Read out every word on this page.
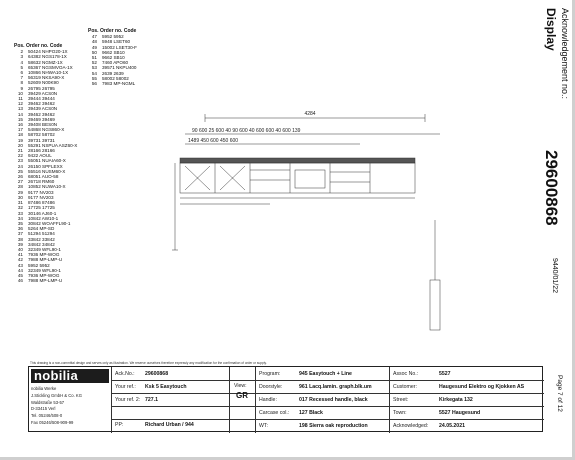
Pos. Order no. Code
2 50424 NHPO20-1X
3 64382 NGS178-1X
4 58632 NGMZ-1X
5 65367 NGSMVOA-1X
6 10866 NHWA10-1X
7 56319 NKSA90-X
8 52609 N00K90
9 26795 26795
10 39429 ACS0N
11 39444 39444
12 39462 39462
13 39439 ACS0N
14 39462 39462
15 39469 39469
16 39408 BES0N
17 54868 NGS860-X
18 58702 58702
19 39731 39731
20 55291 NSPUA ASZ60-X
21 28166 28166
22 9422 AOUL
23 55051 NUAIA60-X
24 26150 SPFLEXX
25 55516 NUSM60-X
26 68051 AUO-58
27 26718 RM60
28 10852 NUWA10-X
29 9177 NV203
30 9177 NV203
31 87486 87486
32 17725 17725
33 30146 AJ60-1
34 10842 AW10-1
35 30842 WOAFFL90-1
36 5264 MP-SD
37 51294 51294
38 33842 33842
39 34842 34842
40 32349 WFL90-1
41 7936 MP-WOG
42 7988 MP-LMP-U
43 5952 5952
44 32349 WFL90-1
45 7936 MP-WOG
46 7988 MP-LMP-U
Pos. Order no. Code
47 5952 5952
48 5948 LSET60
49 15002 LSET30-F
50 9662 SB10
51 9662 SB10
52 7460 APO60
53 39571 NKPU400
54 2639 2639
55 58002 58002
56 7983 MP-NGML
4284
90 600 25 600 40 90 600 40 600 600 40 600 139
1489 450 600 450 600
Acknowledgement no.:
Display
29600868
9440/01/22
Page 7 of 12
This drawing is a non-committal design and serves only as illustration. We reserve ourselves therefore expressly any modification for the confirmation of order or supply.
nobilia
nobilia Werke
J.Stickling GmbH & Co. KG
Waldstraße 53-57
D-33415 Verl
Tel. 05246/508-0
Fax 05246/508-909-99
Ack.No.: 29600868
Your ref.: Ksk 5 Easytouch
Your ref. 2: 727.1
PP:	Richard Urban / 944
View:
GR
Program:	945 Easytouch + Line
Doorstyle:	961 Lacq.lamin. graph.blk.um
Handle:	017 Recessed handle, black
Carcase col.: 127 Black
WT:	198 Sierra oak reproduction
Assoc No.:	5527
Customer:	Haugesund Elektro og Kjokken AS
Street:	Kirkegata 132
Town:	5527 Haugesund
Acknowledged: 24.05.2021
